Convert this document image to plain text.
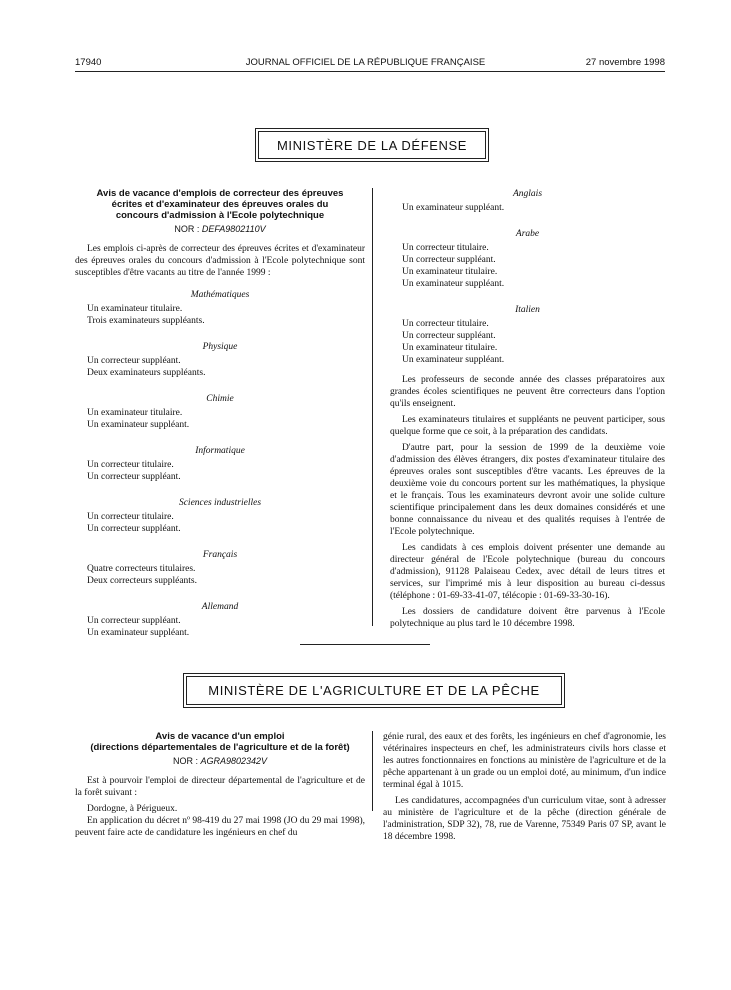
17940	JOURNAL OFFICIEL DE LA RÉPUBLIQUE FRANÇAISE	27 novembre 1998
MINISTÈRE DE LA DÉFENSE
Avis de vacance d'emplois de correcteur des épreuves
écrites et d'examinateur des épreuves orales du
concours d'admission à l'Ecole polytechnique
NOR : DEFA9802110V

Les emplois ci-après de correcteur des épreuves écrites et d'examinateur des épreuves orales du concours d'admission à l'Ecole polytechnique sont susceptibles d'être vacants au titre de l'année 1999 :

Mathématiques
Un examinateur titulaire.
Trois examinateurs suppléants.
Physique
Un correcteur suppléant.
Deux examinateurs suppléants.
Chimie
Un examinateur titulaire.
Un examinateur suppléant.
Informatique
Un correcteur titulaire.
Un correcteur suppléant.
Sciences industrielles
Un correcteur titulaire.
Un correcteur suppléant.
Français
Quatre correcteurs titulaires.
Deux correcteurs suppléants.
Allemand
Un correcteur suppléant.
Un examinateur suppléant.
Anglais
Un examinateur suppléant.
Arabe
Un correcteur titulaire.
Un correcteur suppléant.
Un examinateur titulaire.
Un examinateur suppléant.
Italien
Un correcteur titulaire.
Un correcteur suppléant.
Un examinateur titulaire.
Un examinateur suppléant.

Les professeurs de seconde année des classes préparatoires aux grandes écoles scientifiques ne peuvent être correcteurs dans l'option qu'ils enseignent.

Les examinateurs titulaires et suppléants ne peuvent participer, sous quelque forme que ce soit, à la préparation des candidats.

D'autre part, pour la session de 1999 de la deuxième voie d'admission des élèves étrangers, dix postes d'examinateur titulaire des épreuves orales sont susceptibles d'être vacants. Les épreuves de la deuxième voie du concours portent sur les mathématiques, la physique et le français. Tous les examinateurs devront avoir une solide culture scientifique principalement dans les deux domaines considérés et une bonne connaissance du niveau et des qualités requises à l'entrée de l'Ecole polytechnique.

Les candidats à ces emplois doivent présenter une demande au directeur général de l'Ecole polytechnique (bureau du concours d'admission), 91128 Palaiseau Cedex, avec détail de leurs titres et services, sur l'imprimé mis à leur disposition au bureau ci-dessus (téléphone : 01-69-33-41-07, télécopie : 01-69-33-30-16).

Les dossiers de candidature doivent être parvenus à l'Ecole polytechnique au plus tard le 10 décembre 1998.

MINISTÈRE DE L'AGRICULTURE ET DE LA PÊCHE
Avis de vacance d'un emploi
(directions départementales de l'agriculture et de la forêt)
NOR : AGRA9802342V

Est à pourvoir l'emploi de directeur départemental de l'agriculture et de la forêt suivant :

Dordogne, à Périgueux.

En application du décret nº 98-419 du 27 mai 1998 (JO du 29 mai 1998), peuvent faire acte de candidature les ingénieurs en chef du

génie rural, des eaux et des forêts, les ingénieurs en chef d'agronomie, les vétérinaires inspecteurs en chef, les administrateurs civils hors classe et les autres fonctionnaires en fonctions au ministère de l'agriculture et de la pêche appartenant à un grade ou un emploi doté, au minimum, d'un indice terminal égal à 1015.

Les candidatures, accompagnées d'un curriculum vitae, sont à adresser au ministère de l'agriculture et de la pêche (direction générale de l'administration, SDP 32), 78, rue de Varenne, 75349 Paris 07 SP, avant le 18 décembre 1998.
